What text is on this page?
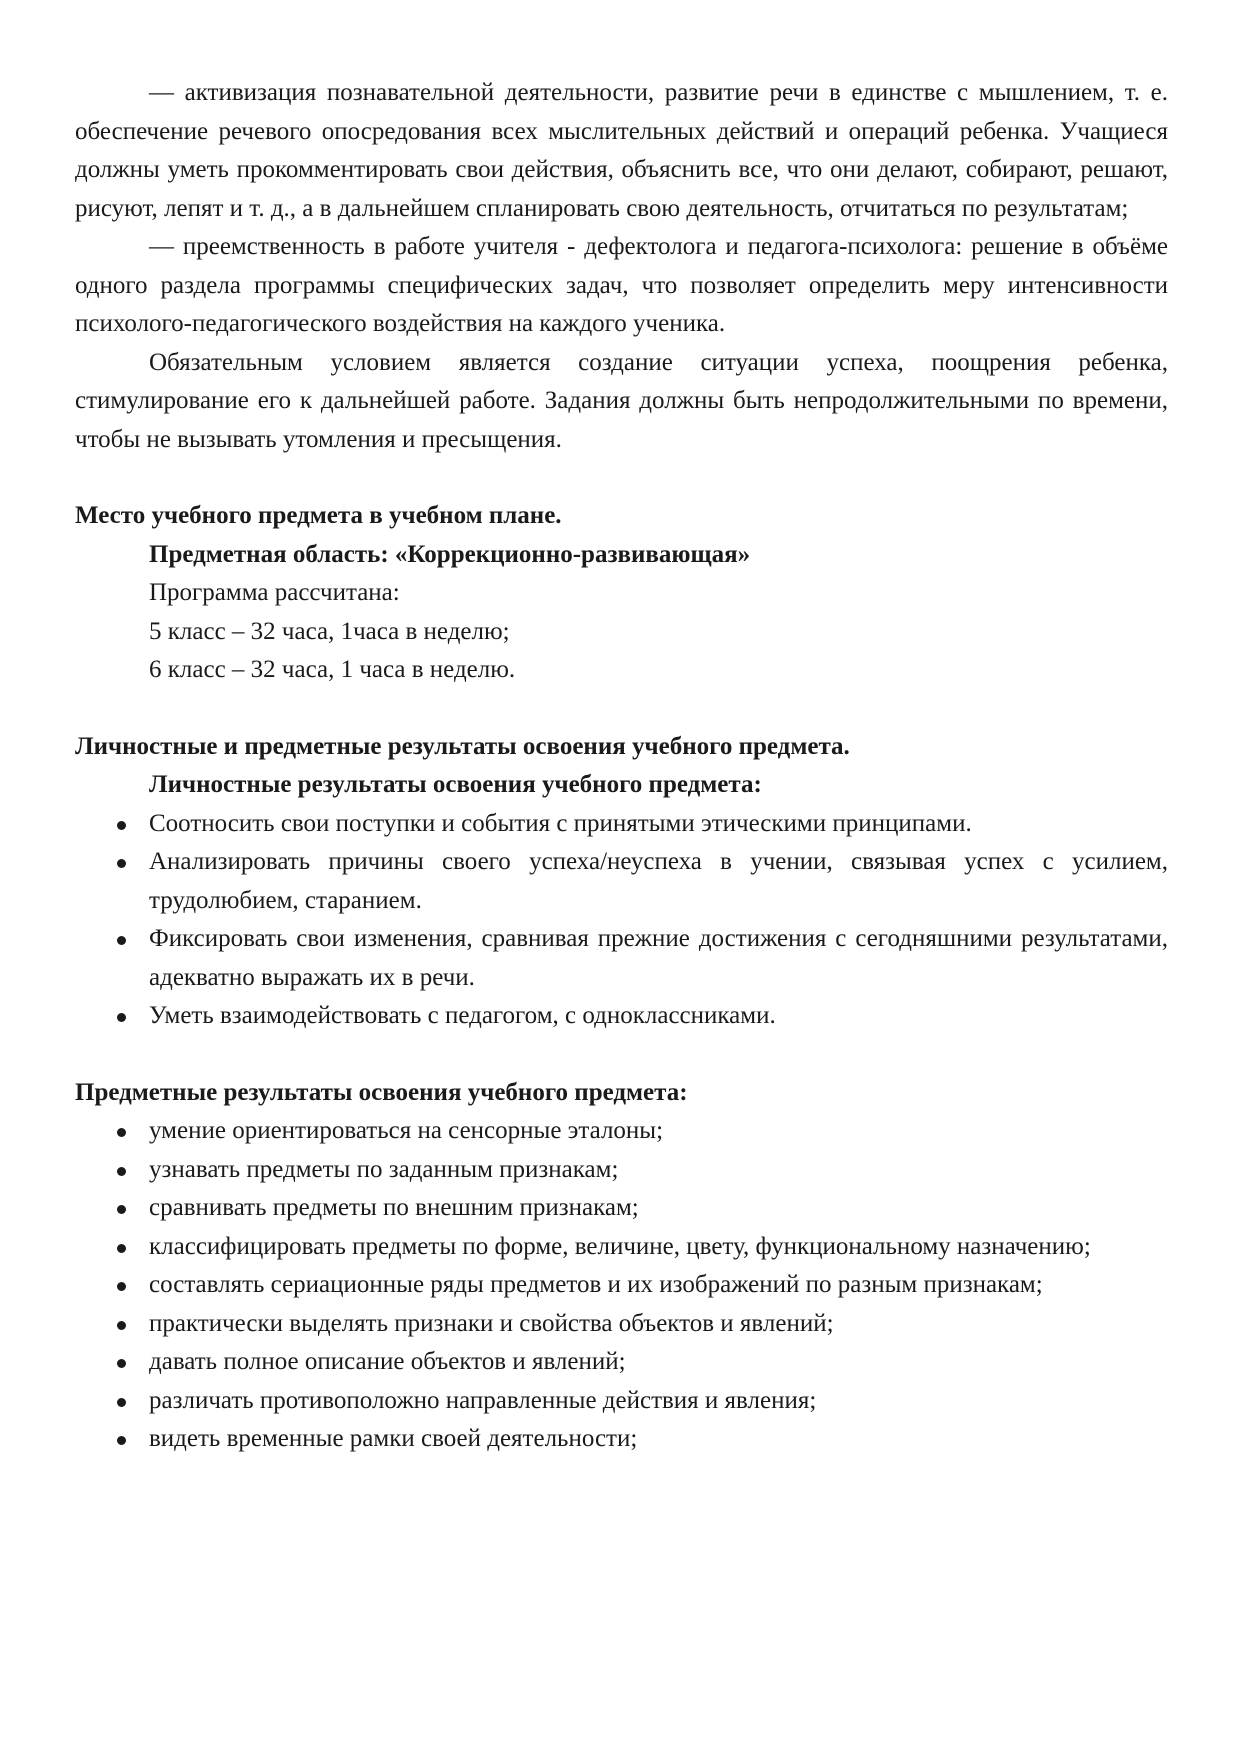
— активизация познавательной деятельности, развитие речи в единстве с мышлением, т. е. обеспечение речевого опосредования всех мыслительных действий и операций ребенка. Учащиеся должны уметь прокомментировать свои действия, объяснить все, что они делают, собирают, решают, рисуют, лепят и т. д., а в дальнейшем спланировать свою деятельность, отчитаться по результатам;

— преемственность в работе учителя - дефектолога и педагога-психолога: решение в объёме одного раздела программы специфических задач, что позволяет определить меру интенсивности психолого-педагогического воздействия на каждого ученика.

Обязательным условием является создание ситуации успеха, поощрения ребенка, стимулирование его к дальнейшей работе. Задания должны быть непродолжительными по времени, чтобы не вызывать утомления и пресыщения.

Место учебного предмета в учебном плане.
Предметная область: «Коррекционно-развивающая»
Программа рассчитана:
5 класс – 32 часа, 1часа в неделю;
6 класс – 32 часа, 1 часа в неделю.
Личностные и предметные результаты освоения учебного предмета.
Личностные результаты освоения учебного предмета:
Соотносить свои поступки и события с принятыми этическими принципами.
Анализировать причины своего успеха/неуспеха в учении, связывая успех с усилием, трудолюбием, старанием.
Фиксировать свои изменения, сравнивая прежние достижения с сегодняшними результатами, адекватно выражать их в речи.
Уметь взаимодействовать с педагогом, с одноклассниками.
Предметные результаты освоения учебного предмета:
умение ориентироваться на сенсорные эталоны;
узнавать предметы по заданным признакам;
сравнивать предметы по внешним признакам;
классифицировать предметы по форме, величине, цвету, функциональному назначению;
составлять сериационные ряды предметов и их изображений по разным признакам;
практически выделять признаки и свойства объектов и явлений;
давать полное описание объектов и явлений;
различать противоположно направленные действия и явления;
видеть временные рамки своей деятельности;
